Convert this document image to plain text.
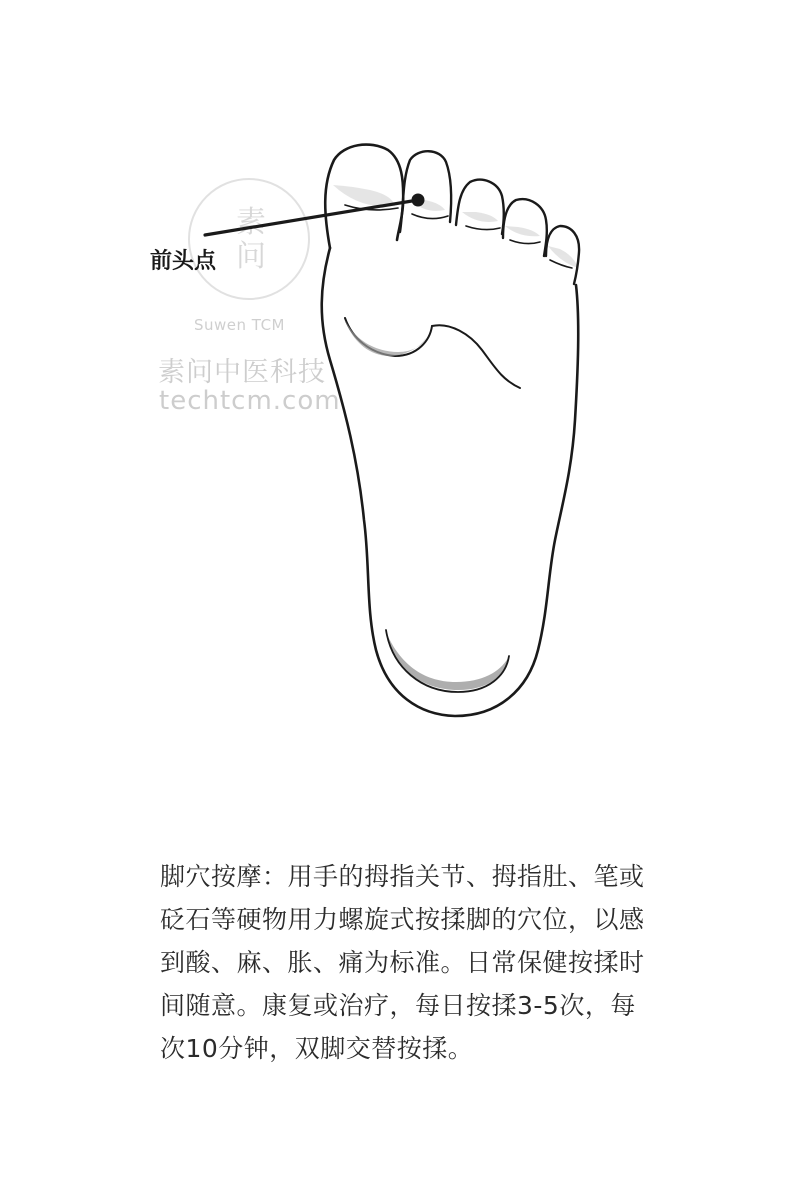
素问
Suwen TCM
素问中医科技
techtcm.com
前头点

脚穴按摩：用手的拇指关节、拇指肚、笔或砭石等硬物用力螺旋式按揉脚的穴位，以感到酸、麻、胀、痛为标准。日常保健按揉时间随意。康复或治疗，每日按揉3-5次，每次10分钟，双脚交替按揉。
